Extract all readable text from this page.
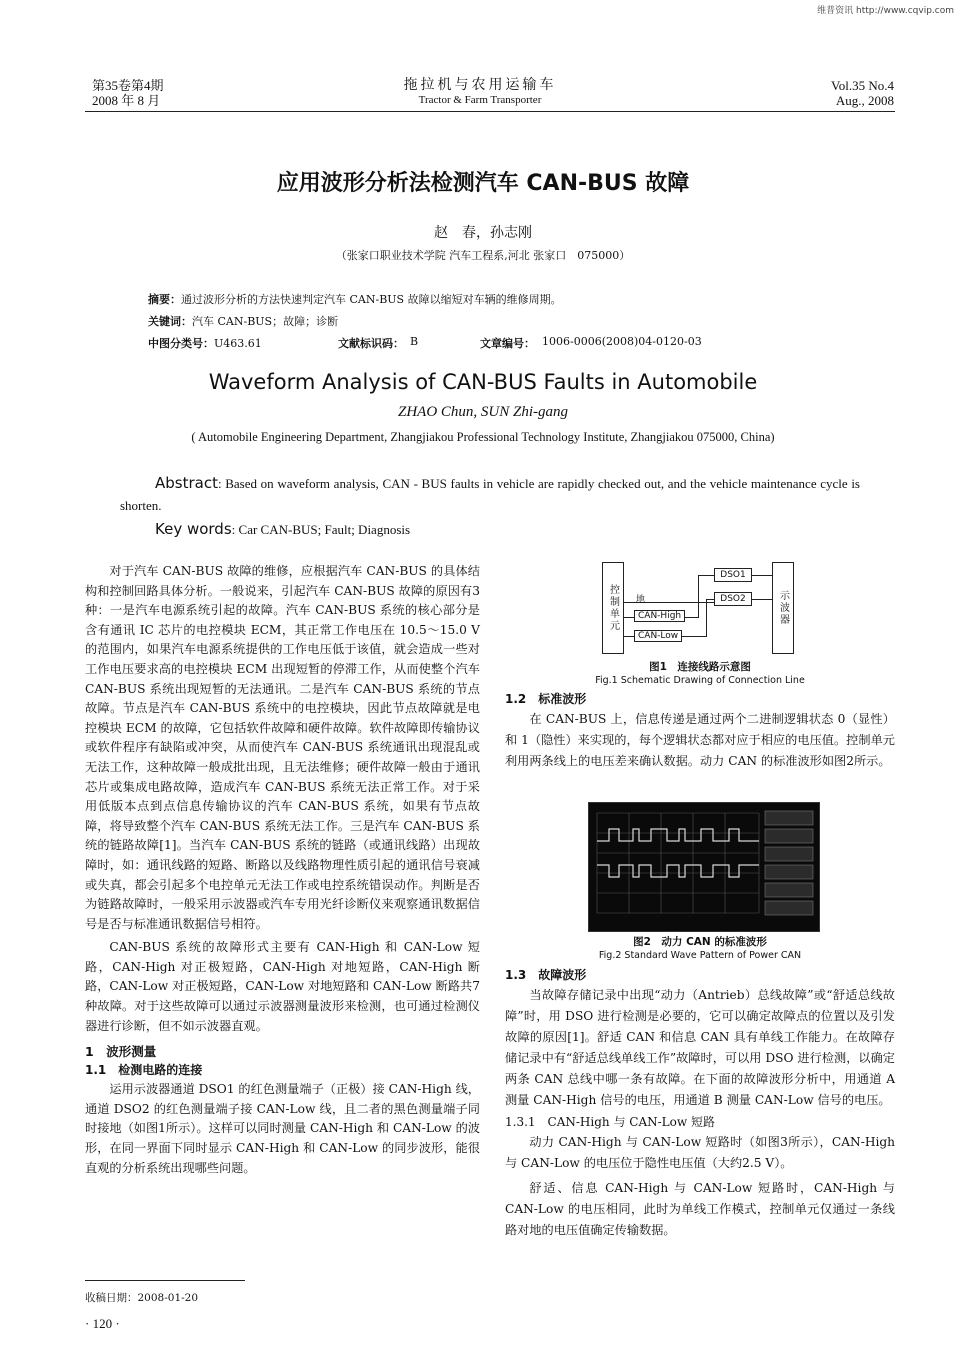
维普资讯 http://www.cqvip.com
第35卷第4期
2008 年 8 月
拖拉机与农用运输车
Tractor & Farm Transporter
Vol.35 No.4
Aug., 2008
应用波形分析法检测汽车 CAN-BUS 故障
赵　春，孙志刚
（张家口职业技术学院 汽车工程系,河北 张家口　075000）
摘要：通过波形分析的方法快速判定汽车 CAN-BUS 故障以缩短对车辆的维修周期。
关键词：汽车 CAN-BUS；故障；诊断
中图分类号：U463.61	文献标识码： B	文章编号： 1006-0006(2008)04-0120-03
Waveform Analysis of CAN-BUS Faults in Automobile
ZHAO Chun, SUN Zhi-gang
( Automobile Engineering Department, Zhangjiakou Professional Technology Institute, Zhangjiakou 075000, China)
Abstract: Based on waveform analysis, CAN - BUS faults in vehicle are rapidly checked out, and the vehicle maintenance cycle is shorten.
Key words: Car CAN-BUS; Fault; Diagnosis

对于汽车 CAN-BUS 故障的维修，应根据汽车 CAN-BUS 的具体结构和控制回路具体分析。一般说来，引起汽车 CAN-BUS 故障的原因有3种：一是汽车电源系统引起的故障。汽车 CAN-BUS 系统的核心部分是含有通讯 IC 芯片的电控模块 ECM，其正常工作电压在 10.5～15.0 V 的范围内，如果汽车电源系统提供的工作电压低于该值，就会造成一些对工作电压要求高的电控模块 ECM 出现短暂的停滞工作，从而使整个汽车 CAN-BUS 系统出现短暂的无法通讯。二是汽车 CAN-BUS 系统的节点故障。节点是汽车 CAN-BUS 系统中的电控模块，因此节点故障就是电控模块 ECM 的故障，它包括软件故障和硬件故障。软件故障即传输协议或软件程序有缺陷或冲突，从而使汽车 CAN-BUS 系统通讯出现混乱或无法工作，这种故障一般成批出现，且无法维修；硬件故障一般由于通讯芯片或集成电路故障，造成汽车 CAN-BUS 系统无法正常工作。对于采用低版本点到点信息传输协议的汽车 CAN-BUS 系统，如果有节点故障，将导致整个汽车 CAN-BUS 系统无法工作。三是汽车 CAN-BUS 系统的链路故障[1]。当汽车 CAN-BUS 系统的链路（或通讯线路）出现故障时，如：通讯线路的短路、断路以及线路物理性质引起的通讯信号衰减或失真，都会引起多个电控单元无法工作或电控系统错误动作。判断是否为链路故障时，一般采用示波器或汽车专用光纤诊断仪来观察通讯数据信号是否与标准通讯数据信号相符。

CAN-BUS 系统的故障形式主要有 CAN-High 和 CAN-Low 短路，CAN-High 对正极短路，CAN-High 对地短路，CAN-High 断路，CAN-Low 对正极短路，CAN-Low 对地短路和 CAN-Low 断路共7种故障。对于这些故障可以通过示波器测量波形来检测，也可通过检测仪器进行诊断，但不如示波器直观。

1　波形测量

1.1　检测电路的连接

运用示波器通道 DSO1 的红色测量端子（正极）接 CAN-High 线，通道 DSO2 的红色测量端子接 CAN-Low 线，且二者的黑色测量端子同时接地（如图1所示）。这样可以同时测量 CAN-High 和 CAN-Low 的波形，在同一界面下同时显示 CAN-High 和 CAN-Low 的同步波形，能很直观的分析系统出现哪些问题。

控制单元	示波器
DSO1
DSO2
地
CAN-High
CAN-Low
图1　连接线路示意图
Fig.1 Schematic Drawing of Connection Line

1.2　标准波形

在 CAN-BUS 上，信息传递是通过两个二进制逻辑状态 0（显性）和 1（隐性）来实现的，每个逻辑状态都对应于相应的电压值。控制单元利用两条线上的电压差来确认数据。动力 CAN 的标准波形如图2所示。

图2　动力 CAN 的标准波形
Fig.2 Standard Wave Pattern of Power CAN

1.3　故障波形

当故障存储记录中出现“动力（Antrieb）总线故障”或“舒适总线故障”时，用 DSO 进行检测是必要的，它可以确定故障点的位置以及引发故障的原因[1]。舒适 CAN 和信息 CAN 具有单线工作能力。在故障存储记录中有“舒适总线单线工作”故障时，可以用 DSO 进行检测，以确定两条 CAN 总线中哪一条有故障。在下面的故障波形分析中，用通道 A 测量 CAN-High 信号的电压，用通道 B 测量 CAN-Low 信号的电压。

1.3.1　CAN-High 与 CAN-Low 短路

动力 CAN-High 与 CAN-Low 短路时（如图3所示），CAN-High 与 CAN-Low 的电压位于隐性电压值（大约2.5 V）。

舒适、信息 CAN-High 与 CAN-Low 短路时，CAN-High 与 CAN-Low 的电压相同，此时为单线工作模式，控制单元仅通过一条线路对地的电压值确定传输数据。

收稿日期：2008-01-20
· 120 ·
